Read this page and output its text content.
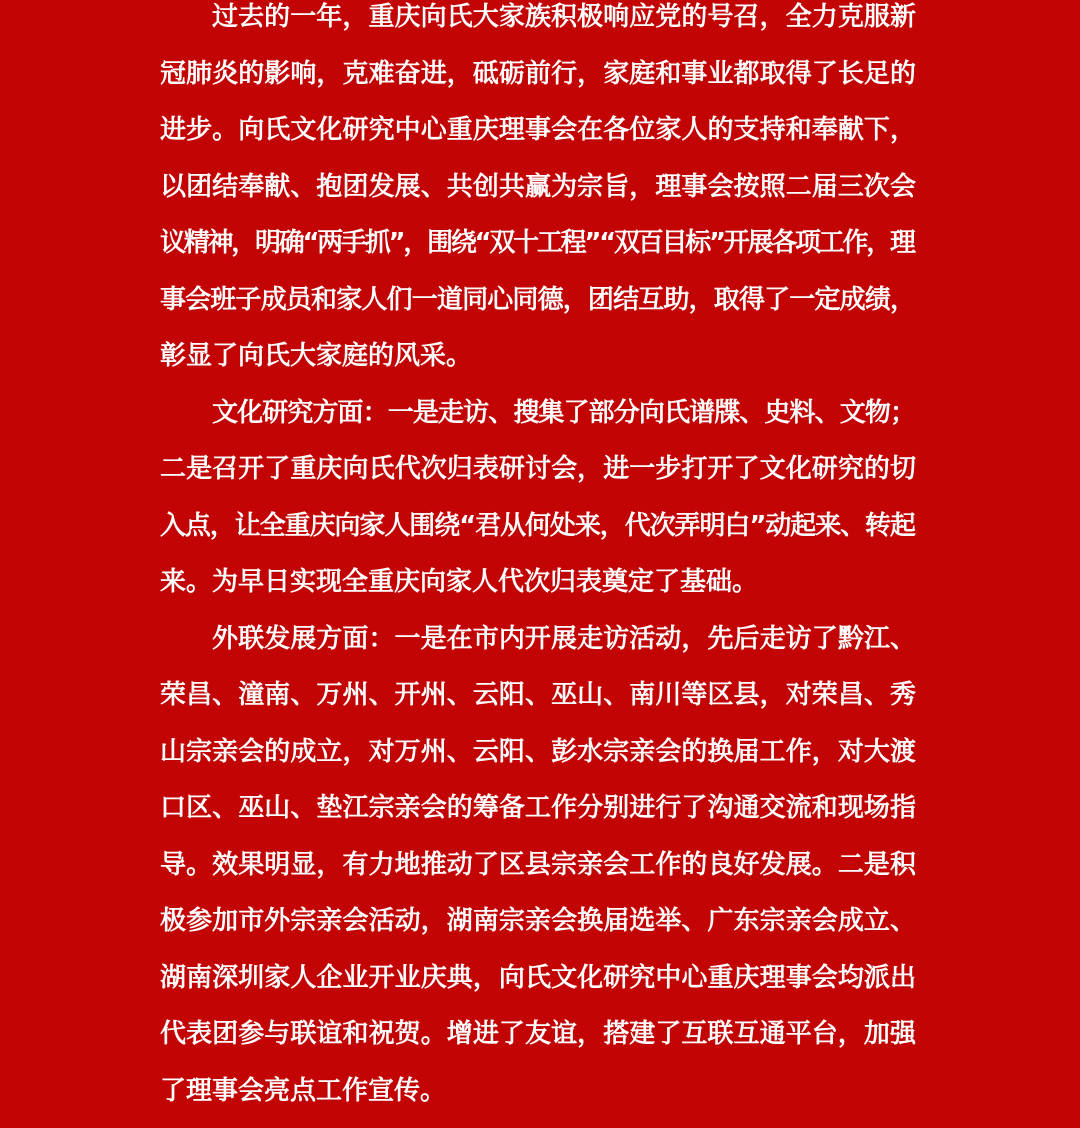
过去的一年，重庆向氏大家族积极响应党的号召，全力克服新
冠肺炎的影响，克难奋进，砥砺前行，家庭和事业都取得了长足的
进步。向氏文化研究中心重庆理事会在各位家人的支持和奉献下，
以团结奉献、抱团发展、共创共赢为宗旨，理事会按照二届三次会
议精神，明确“两手抓”，围绕“双十工程”“双百目标”开展各项工作，理
事会班子成员和家人们一道同心同德，团结互助，取得了一定成绩，
彰显了向氏大家庭的风采。
文化研究方面：一是走访、搜集了部分向氏谱牒、史料、文物；
二是召开了重庆向氏代次归表研讨会，进一步打开了文化研究的切
入点，让全重庆向家人围绕“君从何处来，代次弄明白”动起来、转起
来。为早日实现全重庆向家人代次归表奠定了基础。
外联发展方面：一是在市内开展走访活动，先后走访了黔江、
荣昌、潼南、万州、开州、云阳、巫山、南川等区县，对荣昌、秀
山宗亲会的成立，对万州、云阳、彭水宗亲会的换届工作，对大渡
口区、巫山、垫江宗亲会的筹备工作分别进行了沟通交流和现场指
导。效果明显，有力地推动了区县宗亲会工作的良好发展。二是积
极参加市外宗亲会活动，湖南宗亲会换届选举、广东宗亲会成立、
湖南深圳家人企业开业庆典，向氏文化研究中心重庆理事会均派出
代表团参与联谊和祝贺。增进了友谊，搭建了互联互通平台，加强
了理事会亮点工作宣传。
